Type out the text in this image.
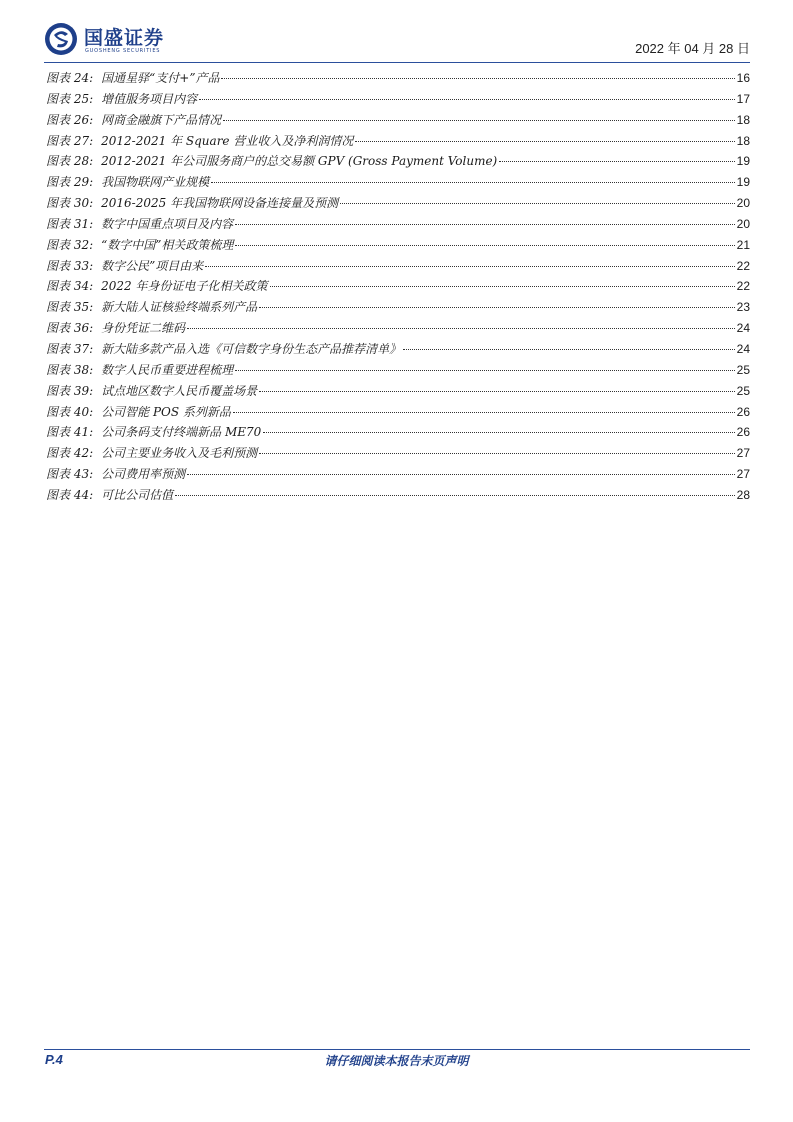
国盛证券
GUOSHENG SECURITIES	2022 年 04 月 28 日
图表 24: 国通星驿“支付+”产品	16
图表 25: 增值服务项目内容	17
图表 26: 网商金融旗下产品情况	18
图表 27: 2012-2021 年 Square 营业收入及净利润情况	18
图表 28: 2012-2021 年公司服务商户的总交易额 GPV (Gross Payment Volume)	19
图表 29: 我国物联网产业规模	19
图表 30: 2016-2025 年我国物联网设备连接量及预测	20
图表 31: 数字中国重点项目及内容	20
图表 32: “数字中国”相关政策梳理	21
图表 33: 数字公民”项目由来	22
图表 34: 2022 年身份证电子化相关政策	22
图表 35: 新大陆人证核验终端系列产品	23
图表 36: 身份凭证二维码	24
图表 37: 新大陆多款产品入选《可信数字身份生态产品推荐清单》	24
图表 38: 数字人民币重要进程梳理	25
图表 39: 试点地区数字人民币覆盖场景	25
图表 40: 公司智能 POS 系列新品	26
图表 41: 公司条码支付终端新品 ME70	26
图表 42: 公司主要业务收入及毛利预测	27
图表 43: 公司费用率预测	27
图表 44: 可比公司估值	28
P.4	请仔细阅读本报告末页声明
